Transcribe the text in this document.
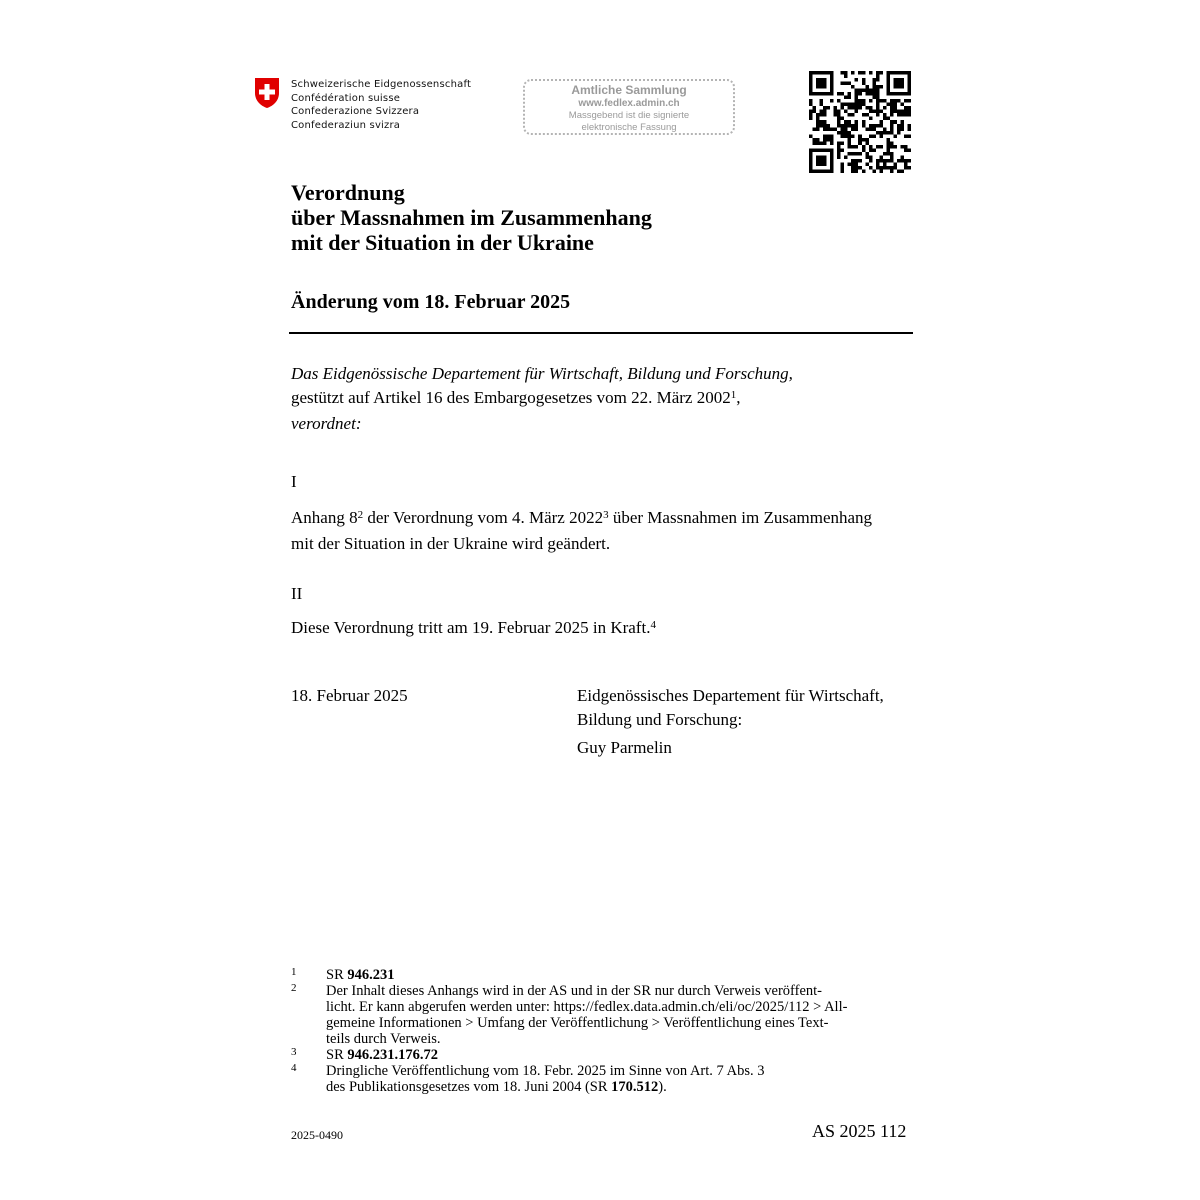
Schweizerische Eidgenossenschaft
Confédération suisse
Confederazione Svizzera
Confederaziun svizra
Amtliche Sammlung
www.fedlex.admin.ch
Massgebend ist die signierte
elektronische Fassung
Verordnung
über Massnahmen im Zusammenhang
mit der Situation in der Ukraine
Änderung vom 18. Februar 2025
Das Eidgenössische Departement für Wirtschaft, Bildung und Forschung,
gestützt auf Artikel 16 des Embargogesetzes vom 22. März 2002$^1$,
verordnet:
I
Anhang $8^2$ der Verordnung vom 4. März 2022$^3$ über Massnahmen im Zusammenhang
mit der Situation in der Ukraine wird geändert.
II
Diese Verordnung tritt am 19. Februar 2025 in Kraft.$^4$
18. Februar 2025	Eidgenössisches Departement für Wirtschaft,
Bildung und Forschung:
Guy Parmelin
1 SR 946.231
2 Der Inhalt dieses Anhangs wird in der AS und in der SR nur durch Verweis veröffent-
licht. Er kann abgerufen werden unter: https://fedlex.data.admin.ch/eli/oc/2025/112 > All-
gemeine Informationen > Umfang der Veröffentlichung > Veröffentlichung eines Text-
teils durch Verweis.
3 SR 946.231.176.72
4 Dringliche Veröffentlichung vom 18. Febr. 2025 im Sinne von Art. 7 Abs. 3
des Publikationsgesetzes vom 18. Juni 2004 (SR 170.512).
2025-0490	AS 2025 112
